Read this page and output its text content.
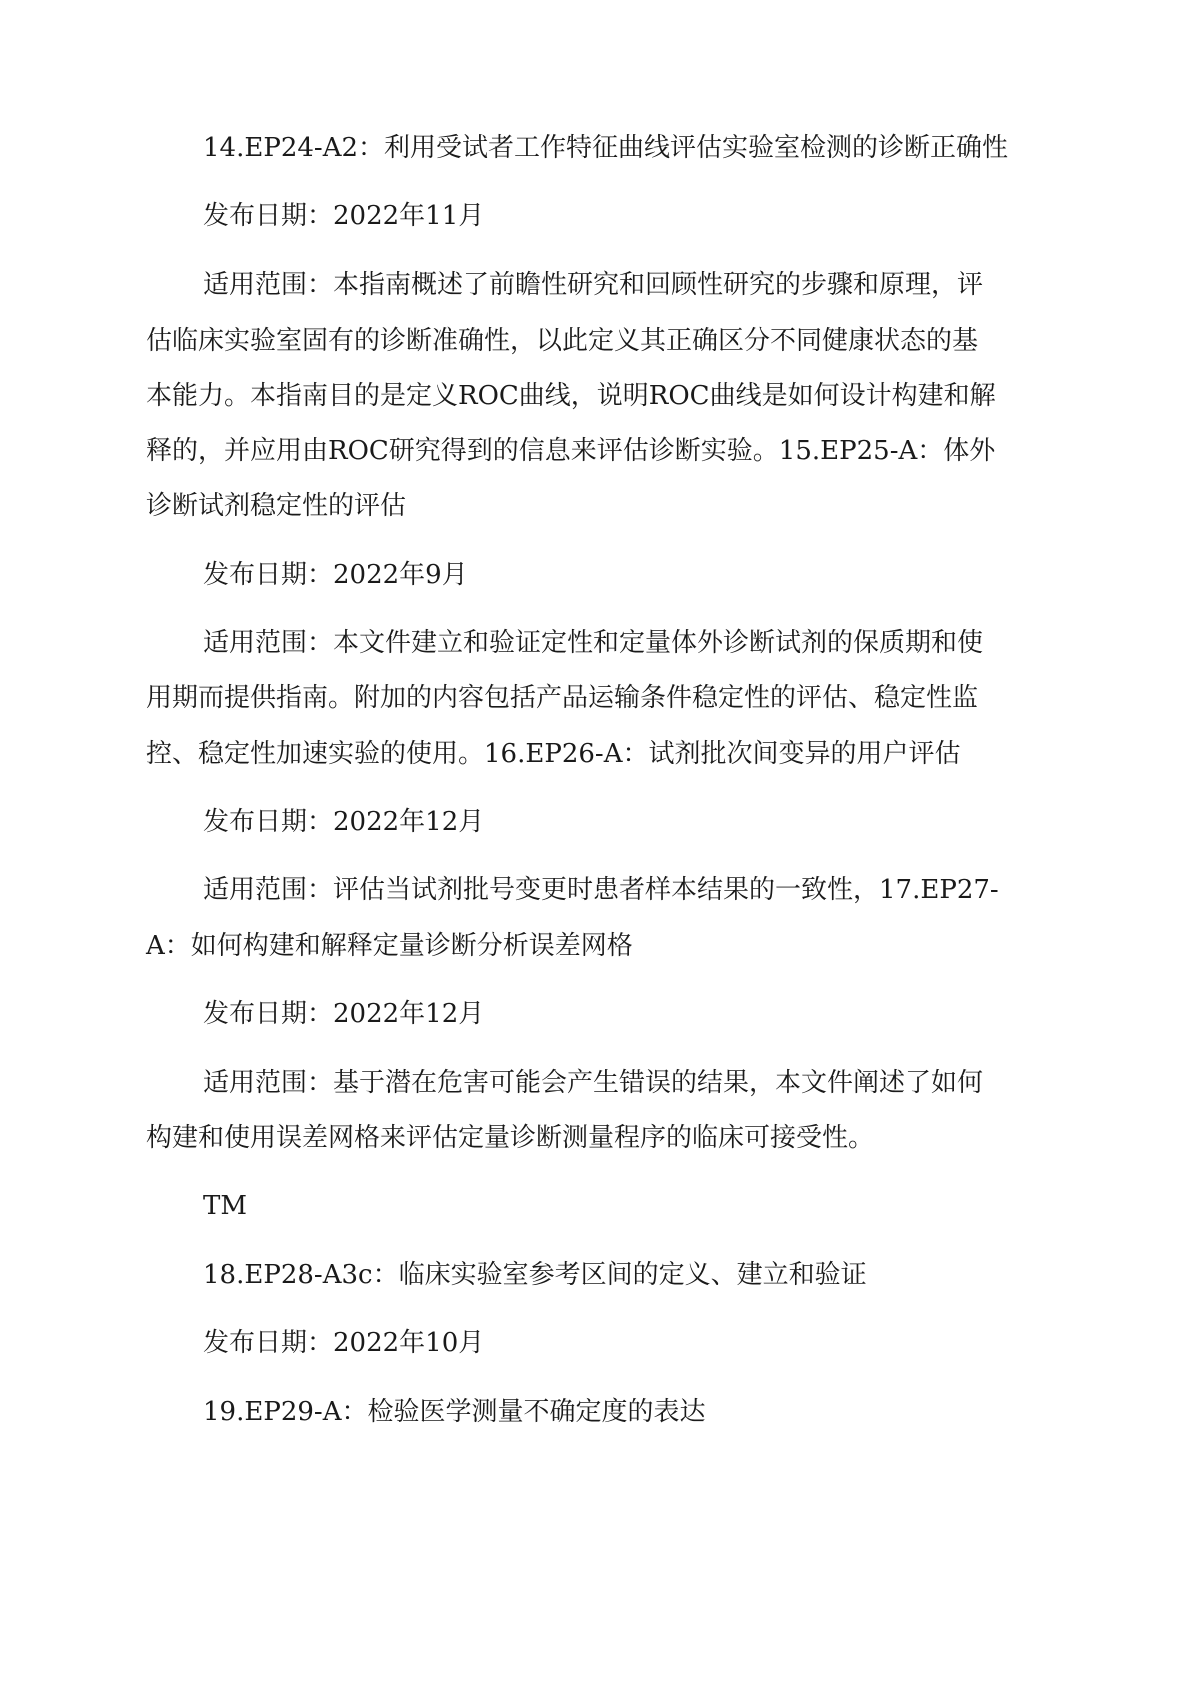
14.EP24-A2：利用受试者工作特征曲线评估实验室检测的诊断正确性

发布日期：2022年11月

适用范围：本指南概述了前瞻性研究和回顾性研究的步骤和原理，评

估临床实验室固有的诊断准确性，以此定义其正确区分不同健康状态的基

本能力。本指南目的是定义ROC曲线，说明ROC曲线是如何设计构建和解

释的，并应用由ROC研究得到的信息来评估诊断实验。15.EP25-A：体外

诊断试剂稳定性的评估

发布日期：2022年9月

适用范围：本文件建立和验证定性和定量体外诊断试剂的保质期和使

用期而提供指南。附加的内容包括产品运输条件稳定性的评估、稳定性监

控、稳定性加速实验的使用。16.EP26-A：试剂批次间变异的用户评估

发布日期：2022年12月

适用范围：评估当试剂批号变更时患者样本结果的一致性，17.EP27-

A：如何构建和解释定量诊断分析误差网格

发布日期：2022年12月

适用范围：基于潜在危害可能会产生错误的结果，本文件阐述了如何

构建和使用误差网格来评估定量诊断测量程序的临床可接受性。

TM

18.EP28-A3c：临床实验室参考区间的定义、建立和验证

发布日期：2022年10月

19.EP29-A：检验医学测量不确定度的表达
